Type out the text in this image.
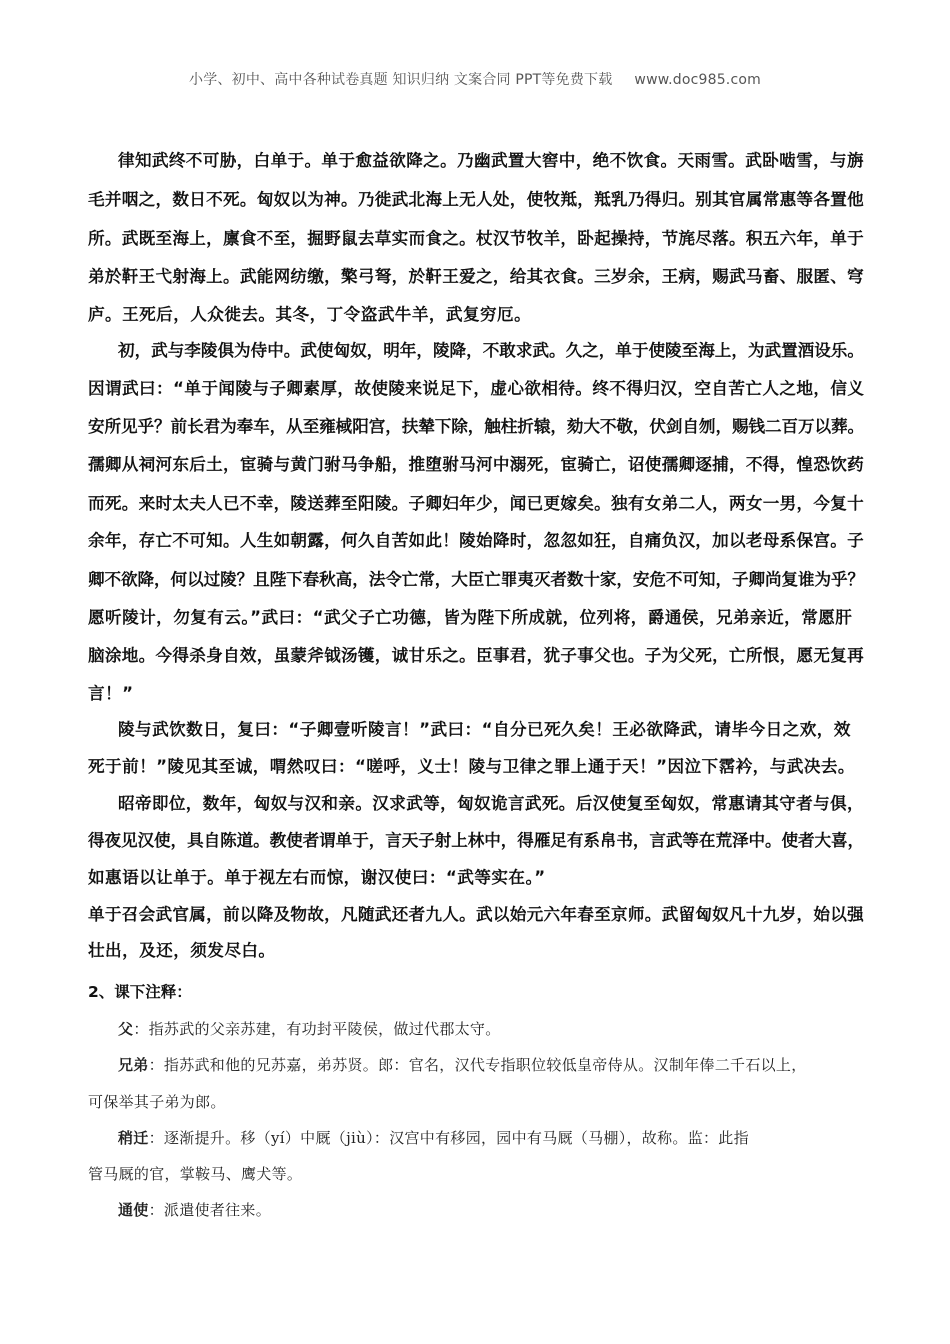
小学、初中、高中各种试卷真题 知识归纳 文案合同 PPT等免费下载 www.doc985.com
律知武终不可胁，白单于。单于愈益欲降之。乃幽武置大窖中，绝不饮食。天雨雪。武卧啮雪，与旃
毛并咽之，数日不死。匈奴以为神。乃徙武北海上无人处，使牧羝，羝乳乃得归。别其官属常惠等各置他
所。武既至海上，廪食不至，掘野鼠去草实而食之。杖汉节牧羊，卧起操持，节旄尽落。积五六年，单于
弟於靬王弋射海上。武能网纺缴，檠弓弩，於靬王爱之，给其衣食。三岁余，王病，赐武马畜、服匿、穹
庐。王死后，人众徙去。其冬，丁令盗武牛羊，武复穷厄。
初，武与李陵俱为侍中。武使匈奴，明年，陵降，不敢求武。久之，单于使陵至海上，为武置酒设乐。
因谓武曰：“单于闻陵与子卿素厚，故使陵来说足下，虚心欲相待。终不得归汉，空自苦亡人之地，信义
安所见乎？前长君为奉车，从至雍棫阳宫，扶辇下除，触柱折辕，劾大不敬，伏剑自刎，赐钱二百万以葬。
孺卿从祠河东后土，宦骑与黄门驸马争船，推堕驸马河中溺死，宦骑亡，诏使孺卿逐捕，不得，惶恐饮药
而死。来时太夫人已不幸，陵送葬至阳陵。子卿妇年少，闻已更嫁矣。独有女弟二人，两女一男，今复十
余年，存亡不可知。人生如朝露，何久自苦如此！陵始降时，忽忽如狂，自痛负汉，加以老母系保宫。子
卿不欲降，何以过陵？且陛下春秋高，法令亡常，大臣亡罪夷灭者数十家，安危不可知，子卿尚复谁为乎？
愿听陵计，勿复有云。”武曰：“武父子亡功德，皆为陛下所成就，位列将，爵通侯，兄弟亲近，常愿肝
脑涂地。今得杀身自效，虽蒙斧钺汤镬，诚甘乐之。臣事君，犹子事父也。子为父死，亡所恨，愿无复再
言！”
陵与武饮数日，复曰：“子卿壹听陵言！”武曰：“自分已死久矣！王必欲降武，请毕今日之欢，效
死于前！”陵见其至诚，喟然叹曰：“嗟呼，义士！陵与卫律之罪上通于天！”因泣下霑衿，与武决去。
昭帝即位，数年，匈奴与汉和亲。汉求武等，匈奴诡言武死。后汉使复至匈奴，常惠请其守者与俱，
得夜见汉使，具自陈道。教使者谓单于，言天子射上林中，得雁足有系帛书，言武等在荒泽中。使者大喜，
如惠语以让单于。单于视左右而惊，谢汉使曰：“武等实在。”
单于召会武官属，前以降及物故，凡随武还者九人。武以始元六年春至京师。武留匈奴凡十九岁，始以强
壮出，及还，须发尽白。
2、课下注释：
父：指苏武的父亲苏建，有功封平陵侯，做过代郡太守。
兄弟：指苏武和他的兄苏嘉，弟苏贤。郎：官名，汉代专指职位较低皇帝侍从。汉制年俸二千石以上，
可保举其子弟为郎。
稍迁：逐渐提升。移（yí）中厩（jiù）：汉宫中有移园，园中有马厩（马棚），故称。监：此指
管马厩的官，掌鞍马、鹰犬等。
通使：派遣使者往来。
